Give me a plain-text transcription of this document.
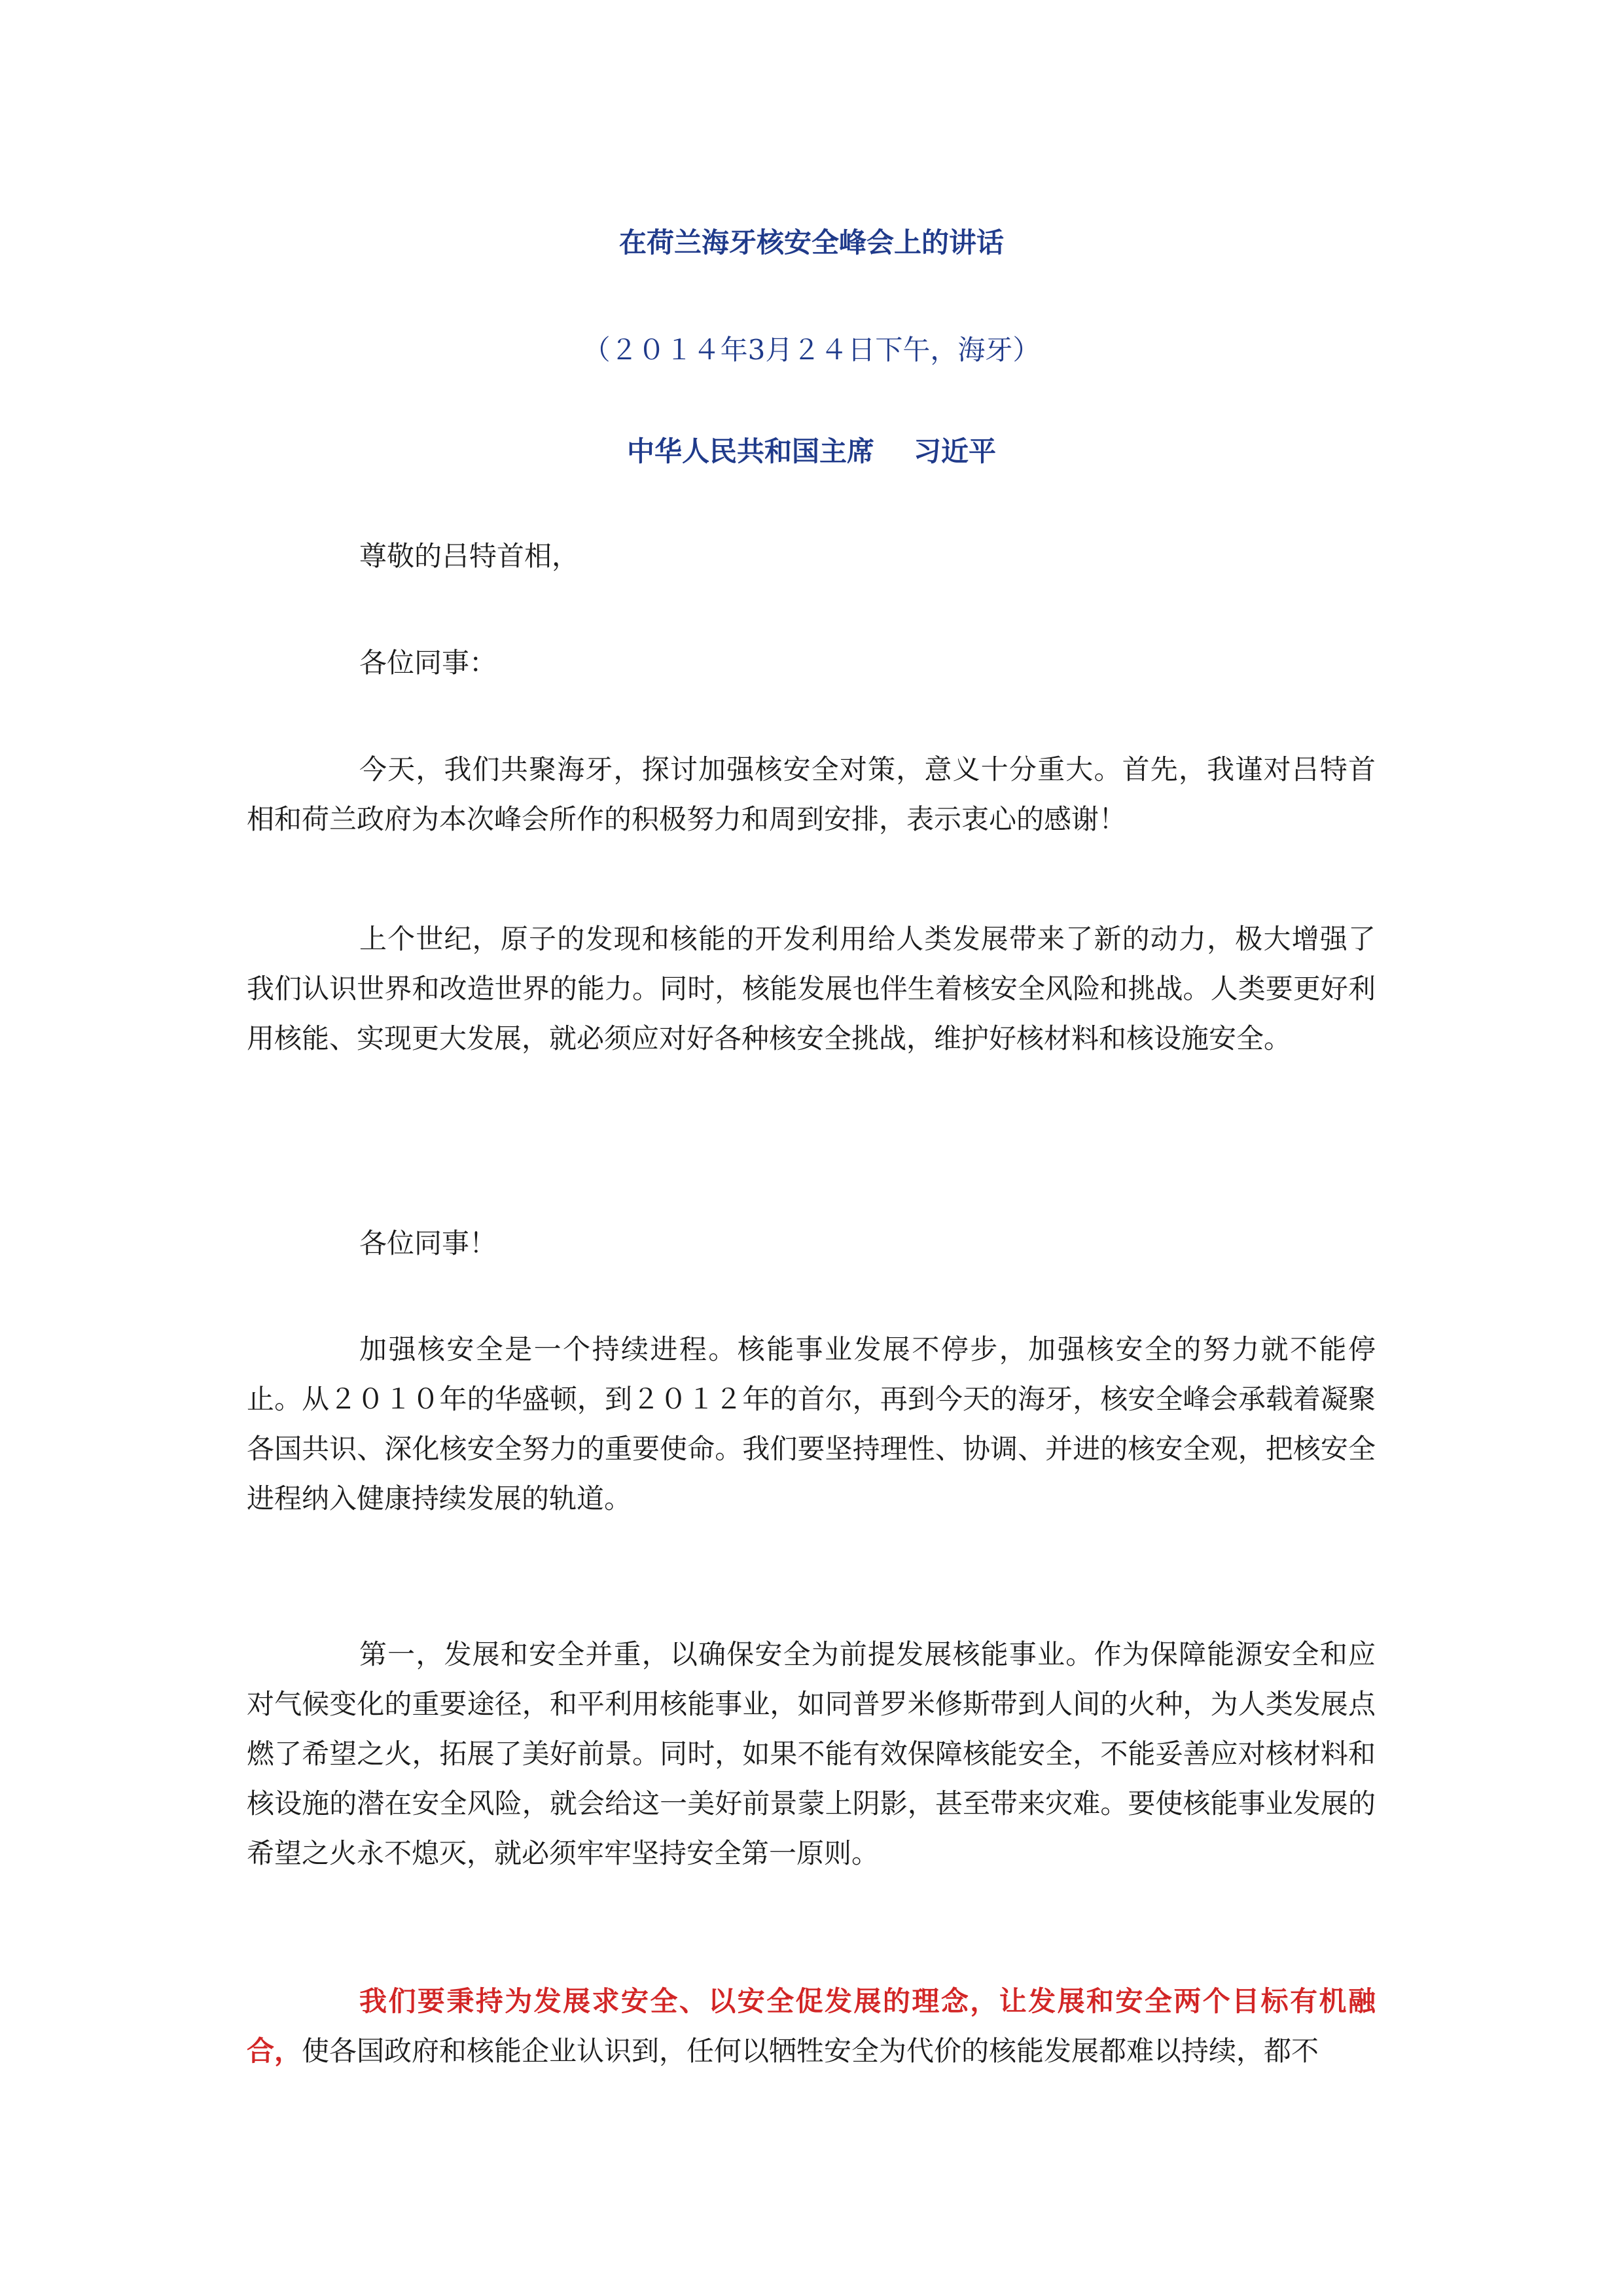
在荷兰海牙核安全峰会上的讲话
（２０１４年3月２４日下午，海牙）
中华人民共和国主席 习近平

尊敬的吕特首相，

各位同事：

今天，我们共聚海牙，探讨加强核安全对策，意义十分重大。首先，我谨对吕特首相和荷兰政府为本次峰会所作的积极努力和周到安排，表示衷心的感谢！

上个世纪，原子的发现和核能的开发利用给人类发展带来了新的动力，极大增强了我们认识世界和改造世界的能力。同时，核能发展也伴生着核安全风险和挑战。人类要更好利用核能、实现更大发展，就必须应对好各种核安全挑战，维护好核材料和核设施安全。

各位同事！

加强核安全是一个持续进程。核能事业发展不停步，加强核安全的努力就不能停止。从２０１０年的华盛顿，到２０１２年的首尔，再到今天的海牙，核安全峰会承载着凝聚各国共识、深化核安全努力的重要使命。我们要坚持理性、协调、并进的核安全观，把核安全进程纳入健康持续发展的轨道。

第一，发展和安全并重，以确保安全为前提发展核能事业。作为保障能源安全和应对气候变化的重要途径，和平利用核能事业，如同普罗米修斯带到人间的火种，为人类发展点燃了希望之火，拓展了美好前景。同时，如果不能有效保障核能安全，不能妥善应对核材料和核设施的潜在安全风险，就会给这一美好前景蒙上阴影，甚至带来灾难。要使核能事业发展的希望之火永不熄灭，就必须牢牢坚持安全第一原则。

我们要秉持为发展求安全、以安全促发展的理念，让发展和安全两个目标有机融合，使各国政府和核能企业认识到，任何以牺牲安全为代价的核能发展都难以持续，都不
